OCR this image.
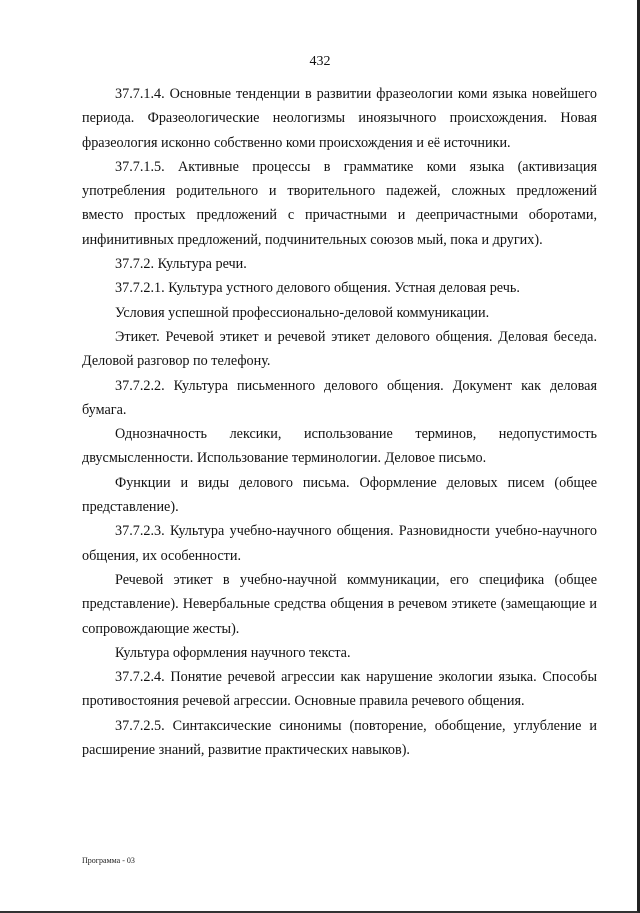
432

37.7.1.4. Основные тенденции в развитии фразеологии коми языка новейшего периода. Фразеологические неологизмы иноязычного происхождения. Новая фразеология исконно собственно коми происхождения и её источники.

37.7.1.5. Активные процессы в грамматике коми языка (активизация употребления родительного и творительного падежей, сложных предложений вместо простых предложений с причастными и деепричастными оборотами, инфинитивных предложений, подчинительных союзов мый, пока и других).

37.7.2. Культура речи.

37.7.2.1. Культура устного делового общения. Устная деловая речь.

Условия успешной профессионально-деловой коммуникации.

Этикет. Речевой этикет и речевой этикет делового общения. Деловая беседа. Деловой разговор по телефону.

37.7.2.2. Культура письменного делового общения. Документ как деловая бумага.

Однозначность лексики, использование терминов, недопустимость двусмысленности. Использование терминологии. Деловое письмо.

Функции и виды делового письма. Оформление деловых писем (общее представление).

37.7.2.3. Культура учебно-научного общения. Разновидности учебно-научного общения, их особенности.

Речевой этикет в учебно-научной коммуникации, его специфика (общее представление). Невербальные средства общения в речевом этикете (замещающие и сопровождающие жесты).

Культура оформления научного текста.

37.7.2.4. Понятие речевой агрессии как нарушение экологии языка. Способы противостояния речевой агрессии. Основные правила речевого общения.

37.7.2.5. Синтаксические синонимы (повторение, обобщение, углубление и расширение знаний, развитие практических навыков).

Программа - 03
